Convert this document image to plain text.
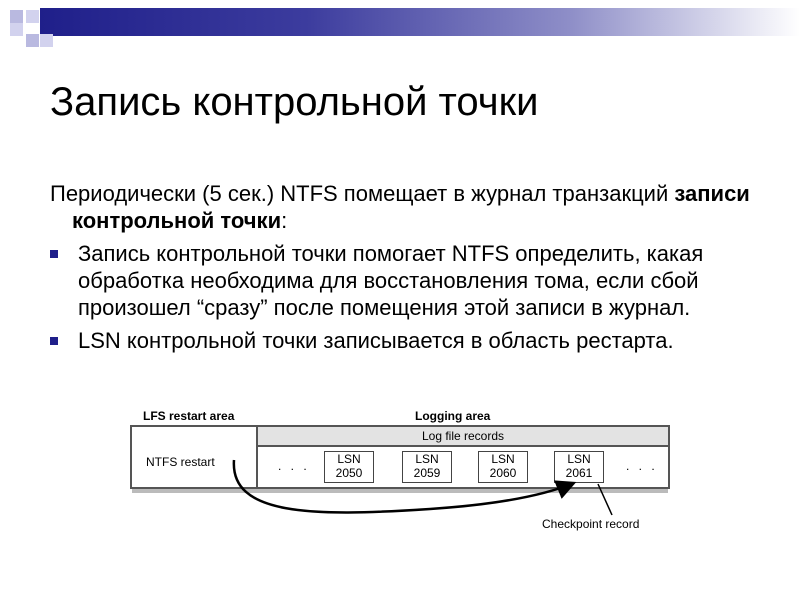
Запись контрольной точки

Периодически (5 сек.) NTFS помещает в журнал транзакций записи контрольной точки:

Запись контрольной точки помогает NTFS определить, какая обработка необходима для восстановления тома, если сбой произошел “сразу” после помещения этой записи в журнал.
LSN контрольной точки записывается в область рестарта.
LFS restart area	Logging area
NTFS restart
Log file records
. . .	LSN
2050
LSN
2059
LSN
2060
LSN
2061	. . .
Checkpoint record
